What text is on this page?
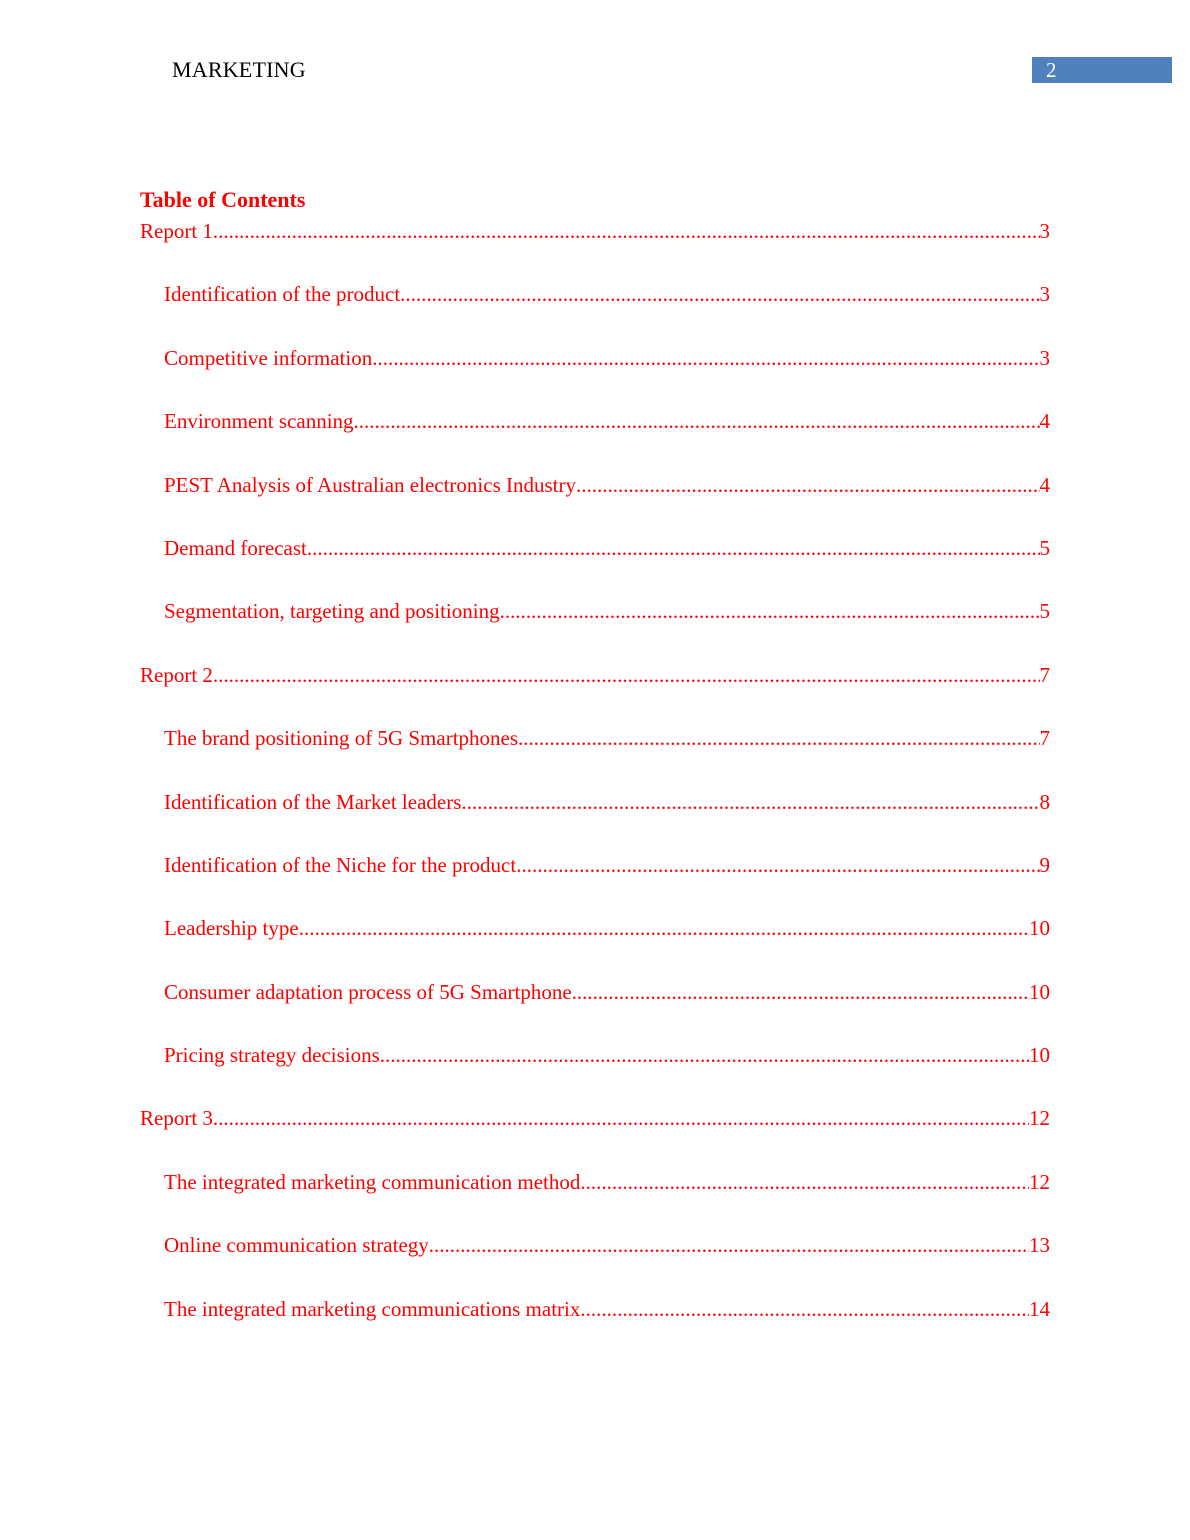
MARKETING	2
Table of Contents
Report 1 .....	3
Identification of the product .....	3
Competitive information .....	3
Environment scanning .....	4
PEST Analysis of Australian electronics Industry .....	4
Demand forecast .....	5
Segmentation, targeting and positioning .....	5
Report 2 .....	7
The brand positioning of 5G Smartphones .....	7
Identification of the Market leaders .....	8
Identification of the Niche for the product .....	9
Leadership type .....	10
Consumer adaptation process of 5G Smartphone .....	10
Pricing strategy decisions .....	10
Report 3 .....	12
The integrated marketing communication method .....	12
Online communication strategy .....	13
The integrated marketing communications matrix .....	14
